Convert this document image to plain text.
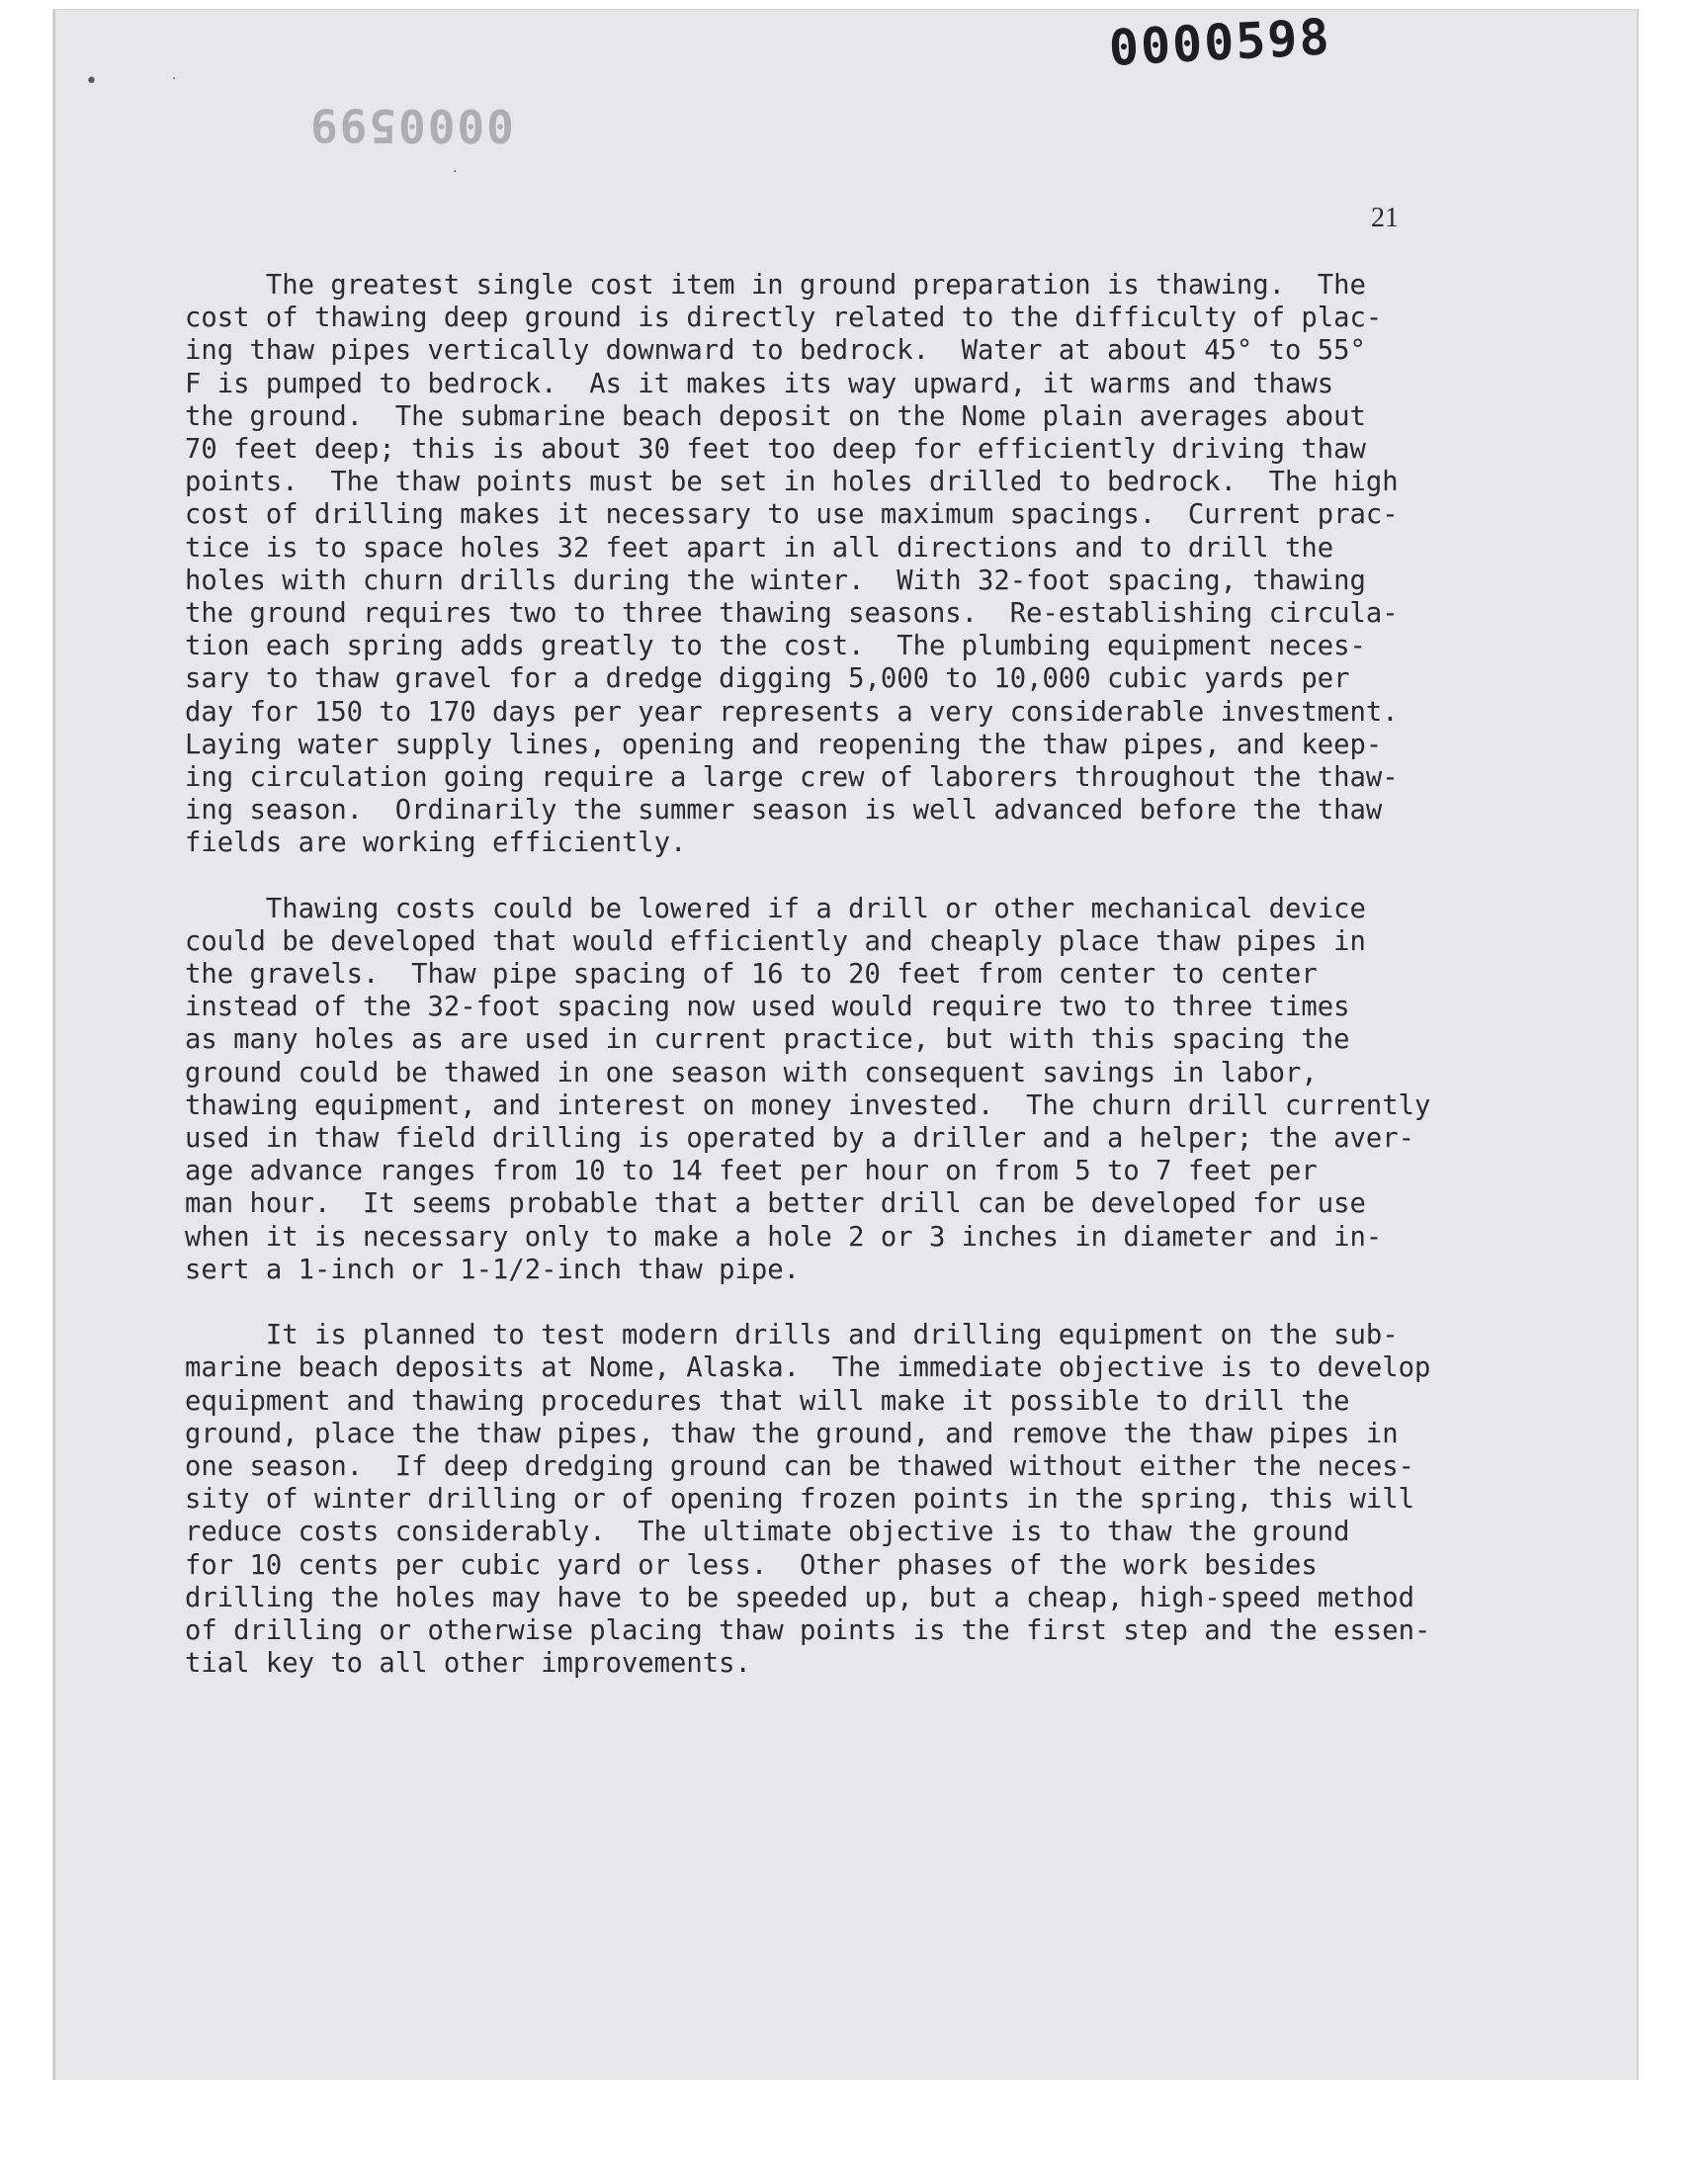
0000598
0000599
•	·
·
21
The greatest single cost item in ground preparation is thawing.  The
cost of thawing deep ground is directly related to the difficulty of plac-
ing thaw pipes vertically downward to bedrock.  Water at about 45° to 55°
F is pumped to bedrock.  As it makes its way upward, it warms and thaws
the ground.  The submarine beach deposit on the Nome plain averages about
70 feet deep; this is about 30 feet too deep for efficiently driving thaw
points.  The thaw points must be set in holes drilled to bedrock.  The high
cost of drilling makes it necessary to use maximum spacings.  Current prac-
tice is to space holes 32 feet apart in all directions and to drill the
holes with churn drills during the winter.  With 32-foot spacing, thawing
the ground requires two to three thawing seasons.  Re-establishing circula-
tion each spring adds greatly to the cost.  The plumbing equipment neces-
sary to thaw gravel for a dredge digging 5,000 to 10,000 cubic yards per
day for 150 to 170 days per year represents a very considerable investment.
Laying water supply lines, opening and reopening the thaw pipes, and keep-
ing circulation going require a large crew of laborers throughout the thaw-
ing season.  Ordinarily the summer season is well advanced before the thaw
fields are working efficiently.
Thawing costs could be lowered if a drill or other mechanical device
could be developed that would efficiently and cheaply place thaw pipes in
the gravels.  Thaw pipe spacing of 16 to 20 feet from center to center
instead of the 32-foot spacing now used would require two to three times
as many holes as are used in current practice, but with this spacing the
ground could be thawed in one season with consequent savings in labor,
thawing equipment, and interest on money invested.  The churn drill currently
used in thaw field drilling is operated by a driller and a helper; the aver-
age advance ranges from 10 to 14 feet per hour on from 5 to 7 feet per
man hour.  It seems probable that a better drill can be developed for use
when it is necessary only to make a hole 2 or 3 inches in diameter and in-
sert a 1-inch or 1-1/2-inch thaw pipe.
It is planned to test modern drills and drilling equipment on the sub-
marine beach deposits at Nome, Alaska.  The immediate objective is to develop
equipment and thawing procedures that will make it possible to drill the
ground, place the thaw pipes, thaw the ground, and remove the thaw pipes in
one season.  If deep dredging ground can be thawed without either the neces-
sity of winter drilling or of opening frozen points in the spring, this will
reduce costs considerably.  The ultimate objective is to thaw the ground
for 10 cents per cubic yard or less.  Other phases of the work besides
drilling the holes may have to be speeded up, but a cheap, high-speed method
of drilling or otherwise placing thaw points is the first step and the essen-
tial key to all other improvements.
